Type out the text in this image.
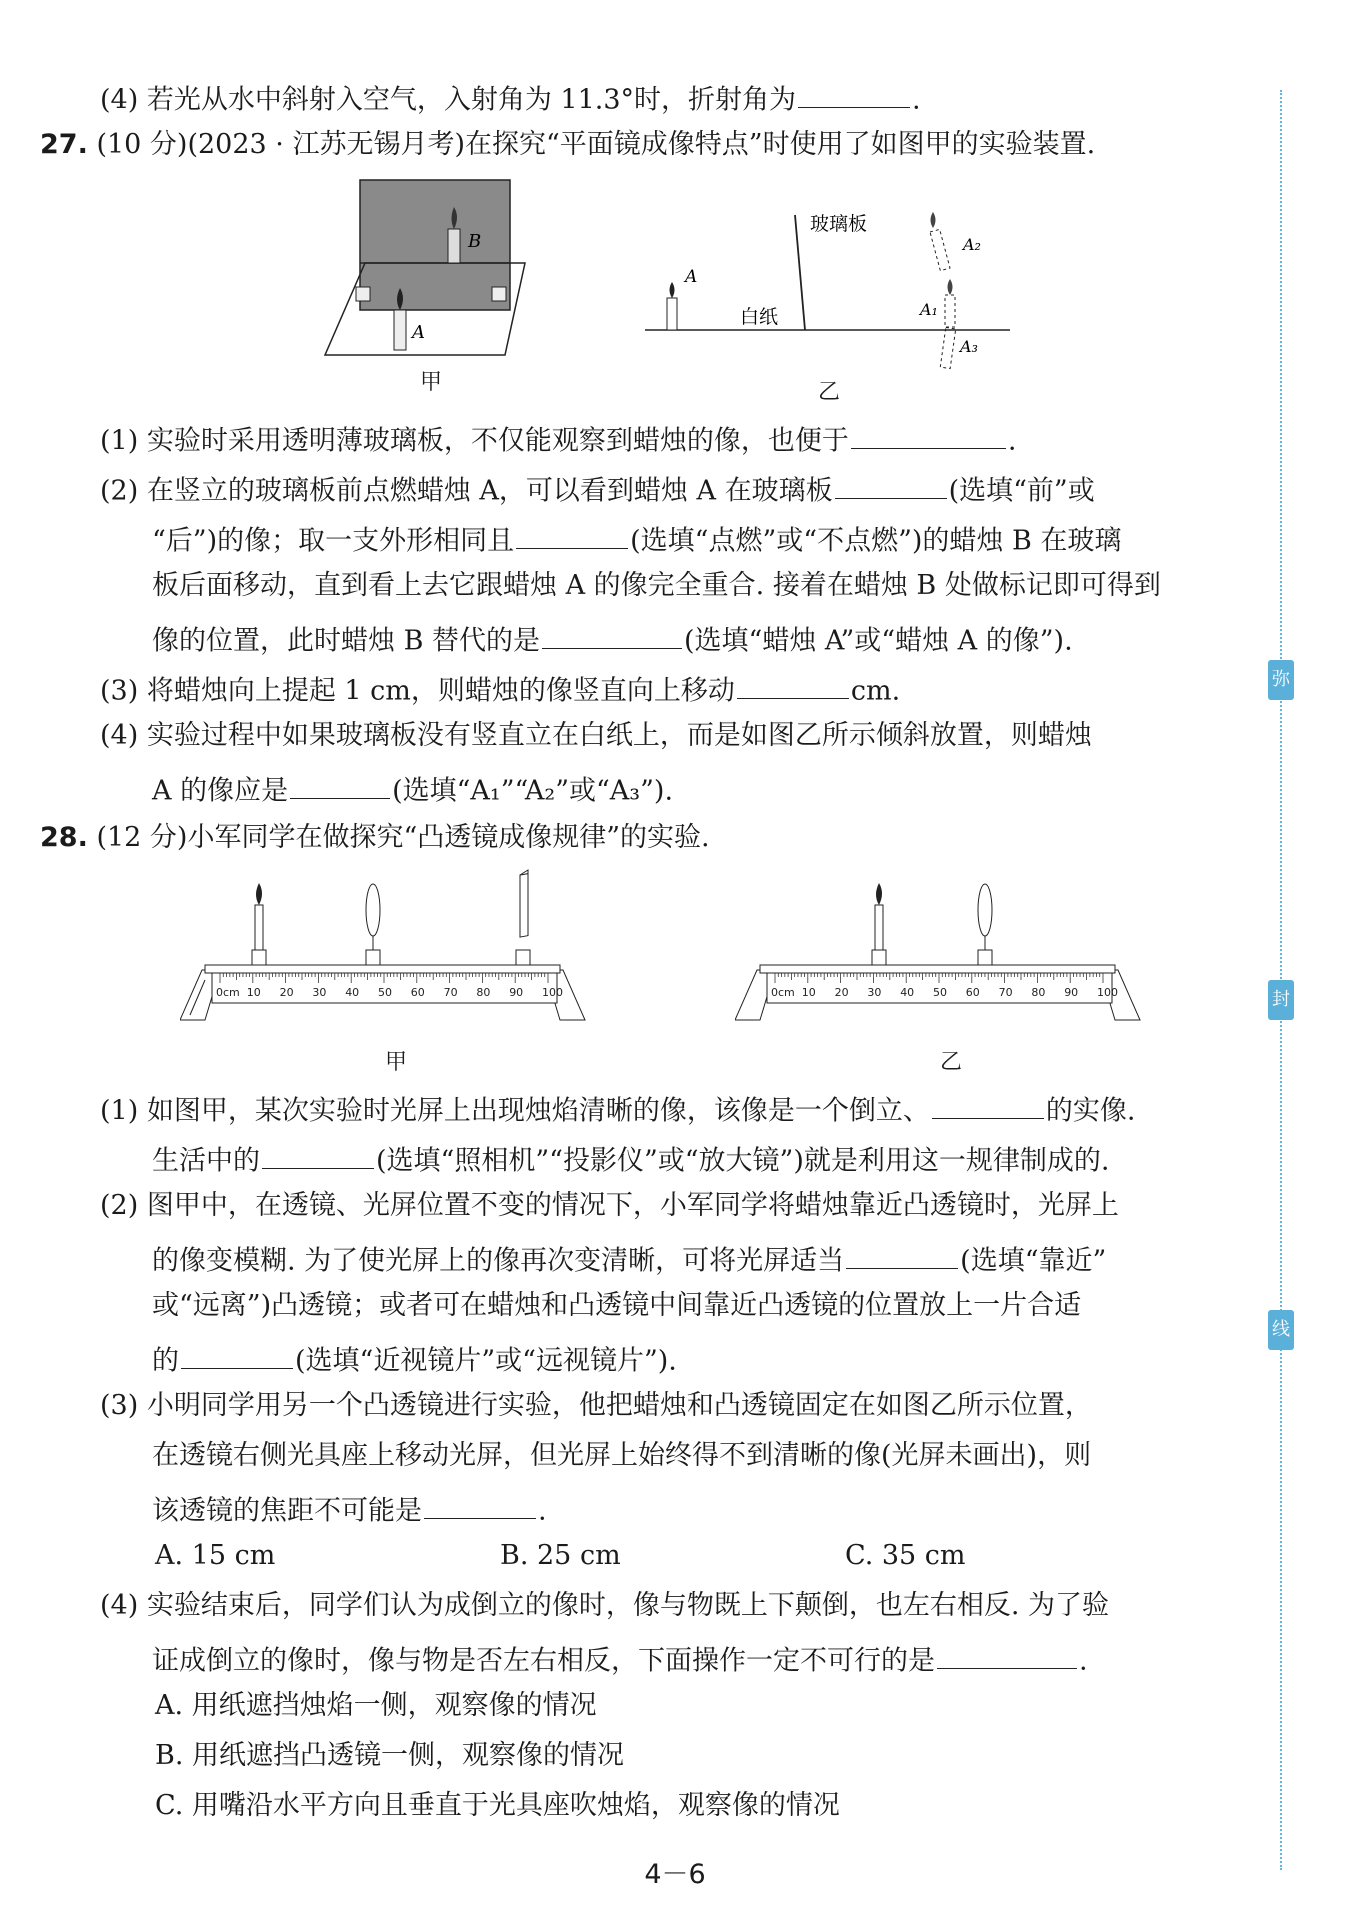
弥
封
线
(4) 若光从水中斜射入空气，入射角为 11.3°时，折射角为	.
27. (10 分)(2023 · 江苏无锡月考)在探究“平面镜成像特点”时使用了如图甲的实验装置.
B
A
甲
A
玻璃板
白纸
A₂
A₁
A₃
乙
(1) 实验时采用透明薄玻璃板，不仅能观察到蜡烛的像，也便于	.
(2) 在竖立的玻璃板前点燃蜡烛 A，可以看到蜡烛 A 在玻璃板	(选填“前”或
“后”)的像；取一支外形相同且	(选填“点燃”或“不点燃”)的蜡烛 B 在玻璃
板后面移动，直到看上去它跟蜡烛 A 的像完全重合. 接着在蜡烛 B 处做标记即可得到
像的位置，此时蜡烛 B 替代的是	(选填“蜡烛 A”或“蜡烛 A 的像”).
(3) 将蜡烛向上提起 1 cm，则蜡烛的像竖直向上移动	cm.
(4) 实验过程中如果玻璃板没有竖直立在白纸上，而是如图乙所示倾斜放置，则蜡烛
A 的像应是	(选填“A₁”“A₂”或“A₃”).
28. (12 分)小军同学在做探究“凸透镜成像规律”的实验.
0cm 10 20 30 40 50 60 70 80 90 100
甲
0cm 10 20 30 40 50 60 70 80 90 100
乙
(1) 如图甲，某次实验时光屏上出现烛焰清晰的像，该像是一个倒立、	的实像.
生活中的	(选填“照相机”“投影仪”或“放大镜”)就是利用这一规律制成的.
(2) 图甲中，在透镜、光屏位置不变的情况下，小军同学将蜡烛靠近凸透镜时，光屏上
的像变模糊. 为了使光屏上的像再次变清晰，可将光屏适当	(选填“靠近”
或“远离”)凸透镜；或者可在蜡烛和凸透镜中间靠近凸透镜的位置放上一片合适
的	(选填“近视镜片”或“远视镜片”).
(3) 小明同学用另一个凸透镜进行实验，他把蜡烛和凸透镜固定在如图乙所示位置，
在透镜右侧光具座上移动光屏，但光屏上始终得不到清晰的像(光屏未画出)，则
该透镜的焦距不可能是	.
A. 15 cm	B. 25 cm	C. 35 cm
(4) 实验结束后，同学们认为成倒立的像时，像与物既上下颠倒，也左右相反. 为了验
证成倒立的像时，像与物是否左右相反，下面操作一定不可行的是	.
A. 用纸遮挡烛焰一侧，观察像的情况
B. 用纸遮挡凸透镜一侧，观察像的情况
C. 用嘴沿水平方向且垂直于光具座吹烛焰，观察像的情况
4－6
